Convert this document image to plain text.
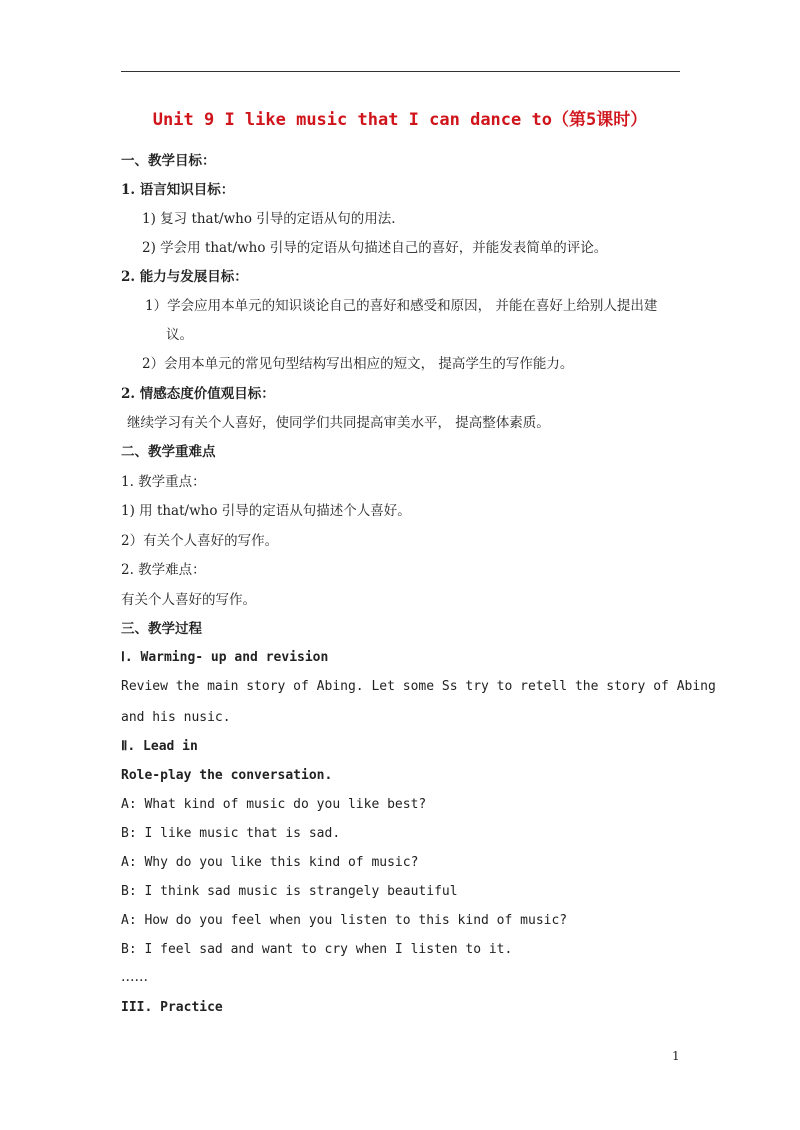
Unit 9 I like music that I can dance to（第5课时）
一、教学目标：
1. 语言知识目标：
1) 复习 that/who 引导的定语从句的用法.
2) 学会用 that/who 引导的定语从句描述自己的喜好，并能发表简单的评论。
2. 能力与发展目标：
1）学会应用本单元的知识谈论自己的喜好和感受和原因， 并能在喜好上给别人提出建
议。
2）会用本单元的常见句型结构写出相应的短文， 提高学生的写作能力。
2. 情感态度价值观目标：
继续学习有关个人喜好，使同学们共同提高审美水平， 提高整体素质。
二、教学重难点
1. 教学重点：
1) 用 that/who 引导的定语从句描述个人喜好。
2）有关个人喜好的写作。
2. 教学难点：
有关个人喜好的写作。
三、教学过程
Ⅰ. Warming- up and revision
Review the main story of Abing. Let some Ss try to retell the story of Abing
and his nusic.
Ⅱ. Lead in
Role-play the conversation.
A: What kind of music do you like best?
B: I like music that is sad.
A: Why do you like this kind of music?
B: I think sad music is strangely beautiful
A: How do you feel when you listen to this kind of music?
B: I feel sad and want to cry when I listen to it.
……
III. Practice
1
